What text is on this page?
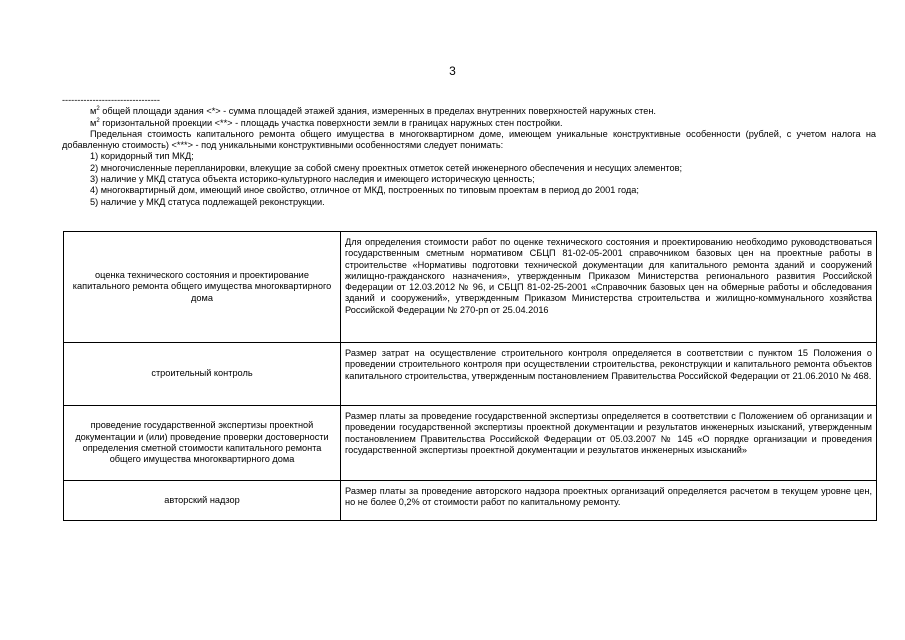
3
--------------------------------

$м^2$ общей площади здания <*> - сумма площадей этажей здания, измеренных в пределах внутренних поверхностей наружных стен.

$м^2$ горизонтальной проекции <**> - площадь участка поверхности земли в границах наружных стен постройки.

Предельная стоимость капитального ремонта общего имущества в многоквартирном доме, имеющем уникальные конструктивные особенности (рублей, с учетом налога на добавленную стоимость) <***> - под уникальными конструктивными особенностями следует понимать:

1) коридорный тип МКД;

2) многочисленные перепланировки, влекущие за собой смену проектных отметок сетей инженерного обеспечения и несущих элементов;

3) наличие у МКД статуса объекта историко-культурного наследия и имеющего историческую ценность;

4) многоквартирный дом, имеющий иное свойство, отличное от МКД, построенных по типовым проектам в период до 2001 года;

5) наличие у МКД статуса подлежащей реконструкции.

оценка технического состояния и проектирование капитального ремонта общего имущества многоквартирного дома	Для определения стоимости работ по оценке технического состояния и проектированию необходимо руководствоваться государственным сметным нормативом СБЦП 81-02-05-2001 справочником базовых цен на проектные работы в строительстве «Нормативы подготовки технической документации для капитального ремонта зданий и сооружений жилищно-гражданского назначения», утвержденным Приказом Министерства регионального развития Российской Федерации от 12.03.2012 № 96, и СБЦП 81-02-25-2001 «Справочник базовых цен на обмерные работы и обследования зданий и сооружений», утвержденным Приказом Министерства строительства и жилищно-коммунального хозяйства Российской Федерации № 270-рп от 25.04.2016
строительный контроль	Размер затрат на осуществление строительного контроля определяется в соответствии с пунктом 15 Положения о проведении строительного контроля при осуществлении строительства, реконструкции и капитального ремонта объектов капитального строительства, утвержденным постановлением Правительства Российской Федерации от 21.06.2010 № 468.
проведение государственной экспертизы проектной документации и (или) проведение проверки достоверности определения сметной стоимости капитального ремонта общего имущества многоквартирного дома	Размер платы за проведение государственной экспертизы определяется в соответствии с Положением об организации и проведении государственной экспертизы проектной документации и результатов инженерных изысканий, утвержденным постановлением Правительства Российской Федерации от 05.03.2007 № 145 «О порядке организации и проведения государственной экспертизы проектной документации и результатов инженерных изысканий»
авторский надзор	Размер платы за проведение авторского надзора проектных организаций определяется расчетом в текущем уровне цен, но не более 0,2% от стоимости работ по капитальному ремонту.
